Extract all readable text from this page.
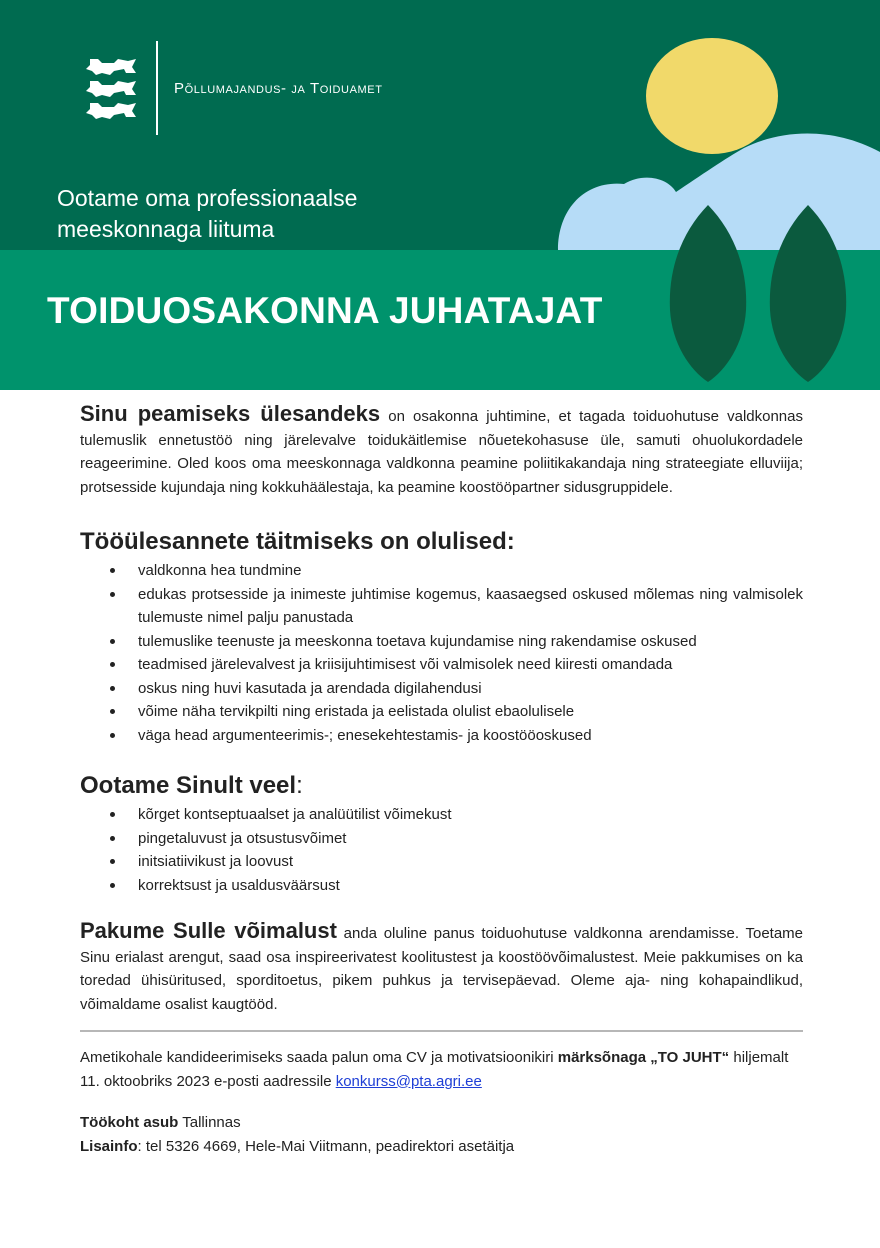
Põllumajandus- ja Toiduamet
Ootame oma professionaalse meeskonnaga liituma
TOIDUOSAKONNA JUHATAJAT

Sinu peamiseks ülesandeks on osakonna juhtimine, et tagada toiduohutuse valdkonnas tulemuslik ennetustöö ning järelevalve toidukäitlemise nõuetekohasuse üle, samuti ohuolukordadele reageerimine. Oled koos oma meeskonnaga valdkonna peamine poliitikakandaja ning strateegiate elluviija; protsesside kujundaja ning kokkuhäälestaja, ka peamine koostööpartner sidusgruppidele.

Tööülesannete täitmiseks on olulised:
valdkonna hea tundmine
edukas protsesside ja inimeste juhtimise kogemus, kaasaegsed oskused mõlemas ning valmisolek tulemuste nimel palju panustada
tulemuslike teenuste ja meeskonna toetava kujundamise ning rakendamise oskused
teadmised järelevalvest ja kriisijuhtimisest või valmisolek need kiiresti omandada
oskus ning huvi kasutada ja arendada digilahendusi
võime näha tervikpilti ning eristada ja eelistada olulist ebaolulisele
väga head argumenteerimis-; enesekehtestamis- ja koostööoskused
Ootame Sinult veel:
kõrget kontseptuaalset ja analüütilist võimekust
pingetaluvust ja otsustusvõimet
initsiatiivikust ja loovust
korrektsust ja usaldusväärsust

Pakume Sulle võimalust anda oluline panus toiduohutuse valdkonna arendamisse. Toetame Sinu erialast arengut, saad osa inspireerivatest koolitustest ja koostöövõimalustest. Meie pakkumises on ka toredad ühisüritused, sporditoetus, pikem puhkus ja tervisepäevad. Oleme aja- ning kohapaindlikud, võimaldame osalist kaugtööd.

Ametikohale kandideerimiseks saada palun oma CV ja motivatsioonikiri märksõnaga „TO JUHT“ hiljemalt 11. oktoobriks 2023 e-posti aadressile konkurss@pta.agri.ee

Töökoht asub Tallinnas

Lisainfo: tel 5326 4669, Hele-Mai Viitmann, peadirektori asetäitja
